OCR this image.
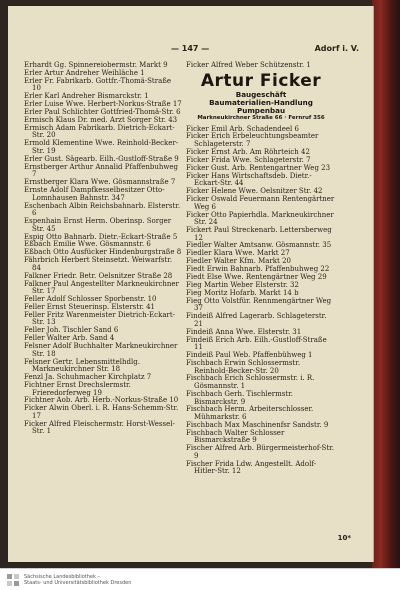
— 147 —	Adorf i. V.
Erhardt Gg. Spinnereiobermstr. Markt 9
Erler Artur Andreher Weihläche 1
Erler Fr. Fabrikarb. Gottfr.-Thomä-Straße 10
Erler Karl Andreher Bismarckstr. 1
Erler Luise Wwe. Herbert-Norkus-Straße 17
Erler Paul Schlichter Gottfried-Thomä-Str. 6
Ermisch Klaus Dr. med. Arzt Sorger Str. 43
Ermisch Adam Fabrikarb. Dietrich-Eckart-Str. 20
Ermold Klementine Wwe. Reinhold-Becker-Str. 19
Erler Gust. Sägearb. Eilh.-Gustloff-Straße 9
Ernstberger Arthur Annalid Pfaffenbuhweg 7
Ernstberger Klara Wwe. Gösmannstraße 7
Ernste Adolf Dampfkesselbesitzer Otto-Lomnhausen Bahnstr. 347
Eschenbach Albin Reichsbahnarb. Elsterstr. 6
Espenhain Ernst Herm. Oberinsp. Sorger Str. 45
Espig Otto Bahnarb. Dietr.-Eckart-Straße 5
Eßbach Emilie Wwe. Gösmannstr. 6
Eßbach Otto Ausfücker Hindenburgstraße 8
Fährbrich Herbert Steinsetzt. Weiwarfstr. 84
Falkner Friedr. Betr. Oelsnitzer Straße 28
Falkner Paul Angestellter Markneukirchner Str. 17
Feller Adolf Schlosser Sporbenstr. 10
Feller Ernst Steuerinsp. Elsterstr. 41
Feller Fritz Warenmeister Dietrich-Eckart-Str. 13
Feller Joh. Tischler Sand 6
Feller Walter Arb. Sand 4
Felsner Adolf Buchhalter Markneukirchner Str. 18
Felsner Gertr. Lebensmittelhdlg. Markneukirchner Str. 18
Fenzl Ja. Schuhmacher Kirchplatz 7
Fichtner Ernst Drechslermstr. Frieredorferweg 19
Fichtner Aob. Arb. Herb.-Norkus-Straße 10
Ficker Alwin Oberl. i. R. Hans-Schemm-Str. 17
Ficker Alfred Fleischermstr. Horst-Wessel-Str. 1
Ficker Alfred Weber Schützenstr. 1
Artur Ficker
Baugeschäft
Baumaterialien-Handlung
Pumpenbau
Markneukirchner Straße 66 · Fernruf 356
Ficker Emil Arb. Schadendeel 6
Ficker Erich Erbeleuchtungsbeamter Schlageterstr. 7
Ficker Ernst Arb. Am Röhrteich 42
Ficker Frida Wwe. Schlageterstr. 7
Ficker Gust. Arb. Rentengartner Weg 23
Ficker Hans Wirtschaftsdeb. Dietr.-Eckart-Str. 44
Ficker Helene Wwe. Oelsnitzer Str. 42
Ficker Oswald Feuermann Rentengärtner Weg 6
Ficker Otto Papierhdla. Markneukirchner Str. 24
Fickert Paul Streckenarb. Lettersberweg 12
Fiedler Walter Amtsanw. Gösmannstr. 35
Fiedler Klara Wwe. Markt 27
Fiedler Walter Kfm. Markt 20
Fiedt Erwin Bahnarb. Pfaffenbuhweg 22
Fiedt Else Wwe. Rentengärtner Weg 29
Fieg Martin Weber Elsterstr. 32
Fieg Moritz Hofarb. Markt 14 b
Fieg Otto Volstfür. Rennmengärtner Weg 37
Findeiß Alfred Lagerarb. Schlageterstr. 21
Findeiß Anna Wwe. Elsterstr. 31
Findeiß Erich Arb. Eilh.-Gustloff-Straße 11
Findeiß Paul Web. Pfaffenbühweg 1
Fischbach Erwin Schlossermstr. Reinhold-Becker-Str. 20
Fischbach Erich Schlossermstr. i. R. Gösmannstr. 1
Fischbach Gerh. Tischlermstr. Bismarckstr. 9
Fischbach Herm. Arbeiterschlosser. Mühmarkstr. 6
Fischbach Max Maschinenfsr Sandstr. 9
Fischbach Walter Schlosser Bismarckstraße 9
Fischer Alfred Arb. Bürgermeisterhof-Str. 9
Fischer Frida Ldw. Angestellt. Adolf-Hitler-Str. 12
10*
Sächsische Landesbibliothek –
Staats- und Universitätsbibliothek Dresden
